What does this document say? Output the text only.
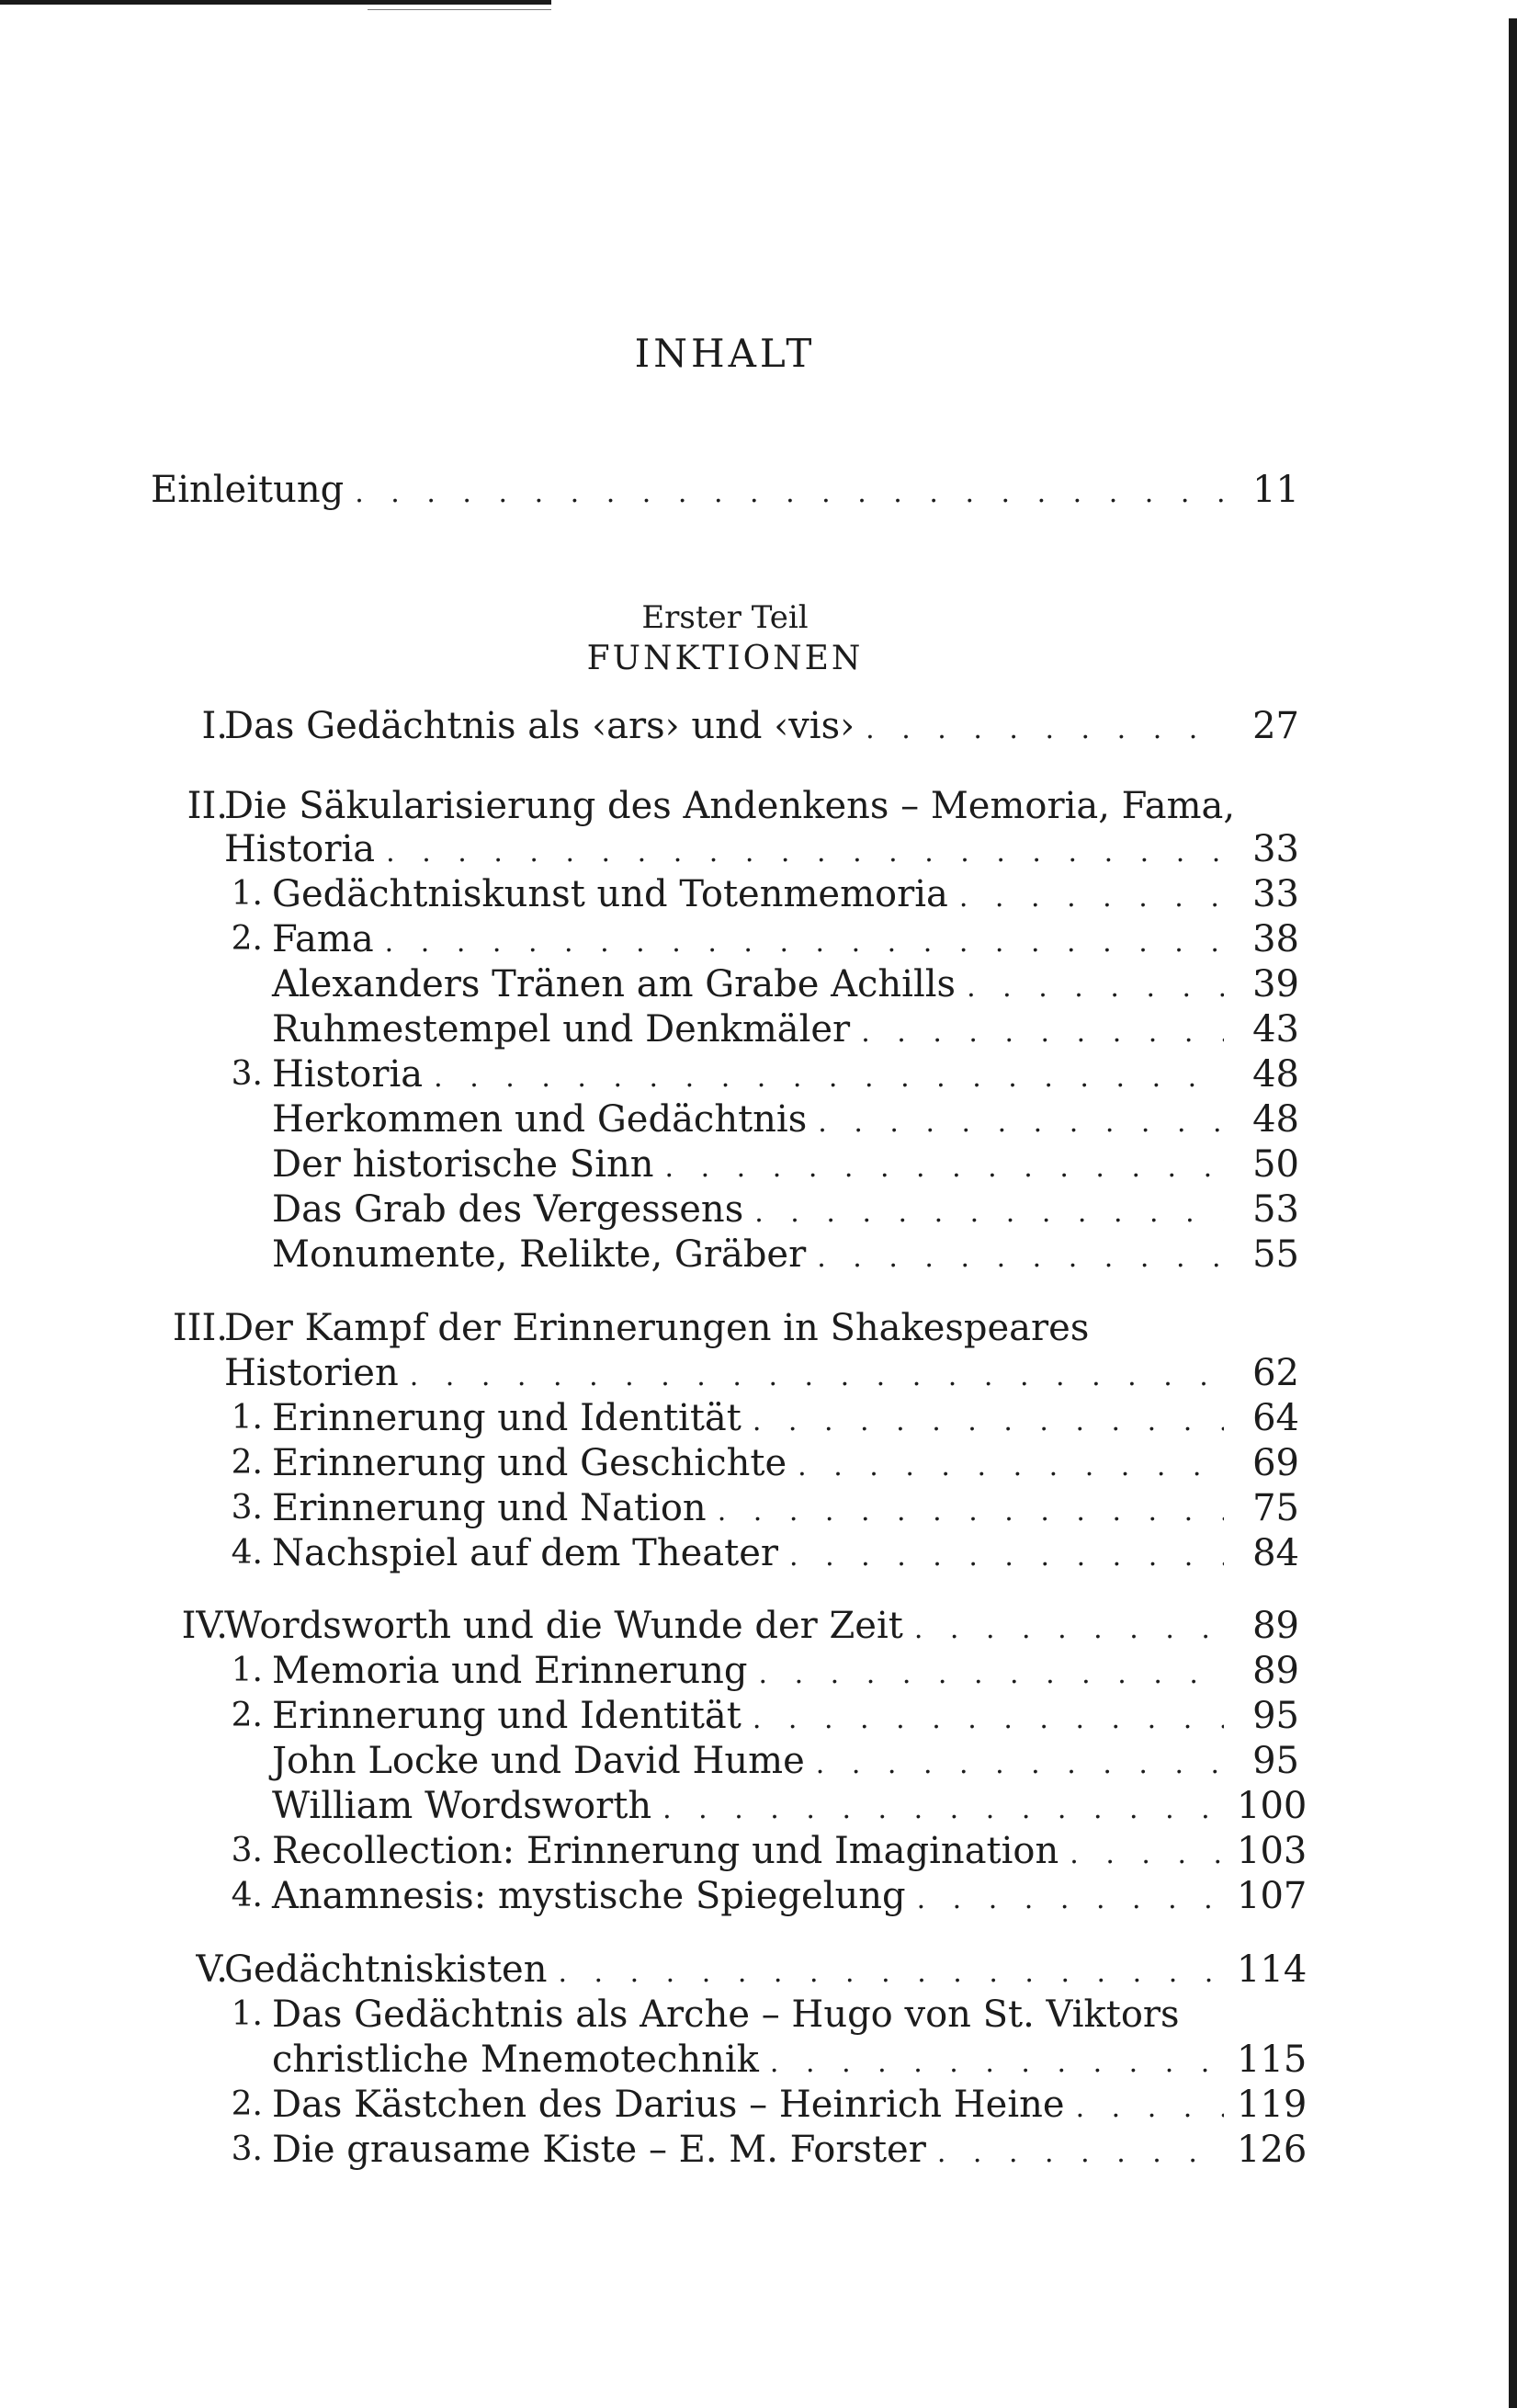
INHALT
Einleitung . . .	11
Erster Teil
FUNKTIONEN
I.
Das Gedächtnis als ‹ars› und ‹vis› . . .	27
II.
Die Säkularisierung des Andenkens – Memoria, Fama,
Historia . . .	33
1. Gedächtniskunst und Totenmemoria . . .	33
2. Fama . . .	38
Alexanders Tränen am Grabe Achills . . .	39
Ruhmestempel und Denkmäler . . .	43
3. Historia . . .	48
Herkommen und Gedächtnis . . .	48
Der historische Sinn . . .	50
Das Grab des Vergessens . . .	53
Monumente, Relikte, Gräber . . .	55
III.
Der Kampf der Erinnerungen in Shakespeares
Historien . . .	62
1. Erinnerung und Identität . . .	64
2. Erinnerung und Geschichte . . .	69
3. Erinnerung und Nation . . .	75
4. Nachspiel auf dem Theater . . .	84
IV.
Wordsworth und die Wunde der Zeit . . .	89
1. Memoria und Erinnerung . . .	89
2. Erinnerung und Identität . . .	95
John Locke und David Hume . . .	95
William Wordsworth . . .	100
3. Recollection: Erinnerung und Imagination . . .	103
4. Anamnesis: mystische Spiegelung . . .	107
V.
Gedächtniskisten . . .	114
1. Das Gedächtnis als Arche – Hugo von St. Viktors
christliche Mnemotechnik . . .	115
2. Das Kästchen des Darius – Heinrich Heine . . .	119
3. Die grausame Kiste – E. M. Forster . . .	126
